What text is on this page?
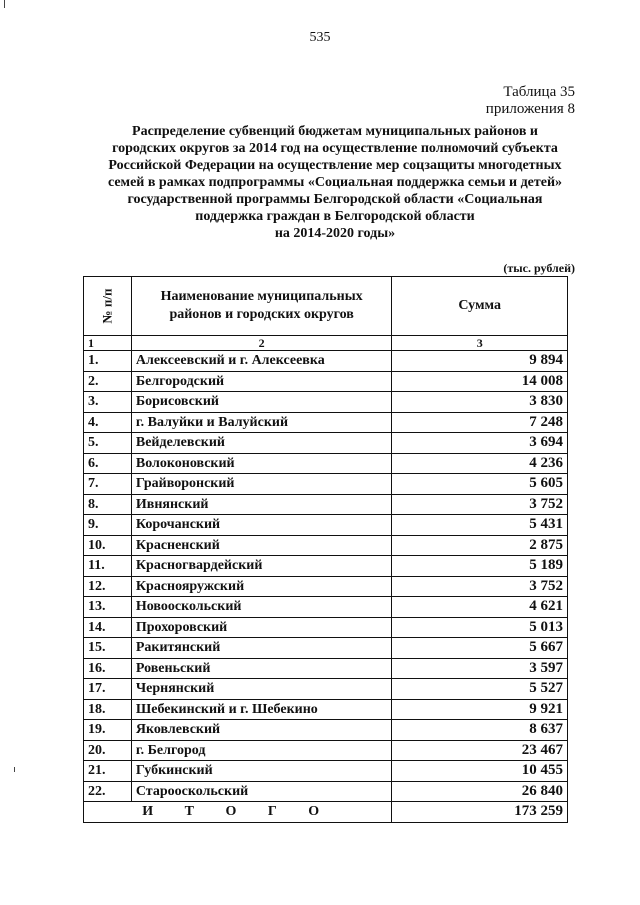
535
Таблица 35
приложения 8
Распределение субвенций бюджетам муниципальных районов и
городских округов за 2014 год на осуществление полномочий субъекта
Российской Федерации на осуществление мер соцзащиты многодетных
семей в рамках подпрограммы «Социальная поддержка семьи и детей»
государственной программы Белгородской области «Социальная
поддержка граждан в Белгородской области
на 2014-2020 годы»
(тыс. рублей)
№ п/п	Наименование муниципальных районов и городских округов	Сумма
1	2	3
1.	Алексеевский и г. Алексеевка	9 894
2.	Белгородский	14 008
3.	Борисовский	3 830
4.	г. Валуйки и Валуйский	7 248
5.	Вейделевский	3 694
6.	Волоконовский	4 236
7.	Грайворонский	5 605
8.	Ивнянский	3 752
9.	Корочанский	5 431
10.	Красненский	2 875
11.	Красногвардейский	5 189
12.	Краснояружский	3 752
13.	Новооскольский	4 621
14.	Прохоровский	5 013
15.	Ракитянский	5 667
16.	Ровеньский	3 597
17.	Чернянский	5 527
18.	Шебекинский и г. Шебекино	9 921
19.	Яковлевский	8 637
20.	г. Белгород	23 467
21.	Губкинский	10 455
22.	Старооскольский	26 840
И Т О Г О		173 259
